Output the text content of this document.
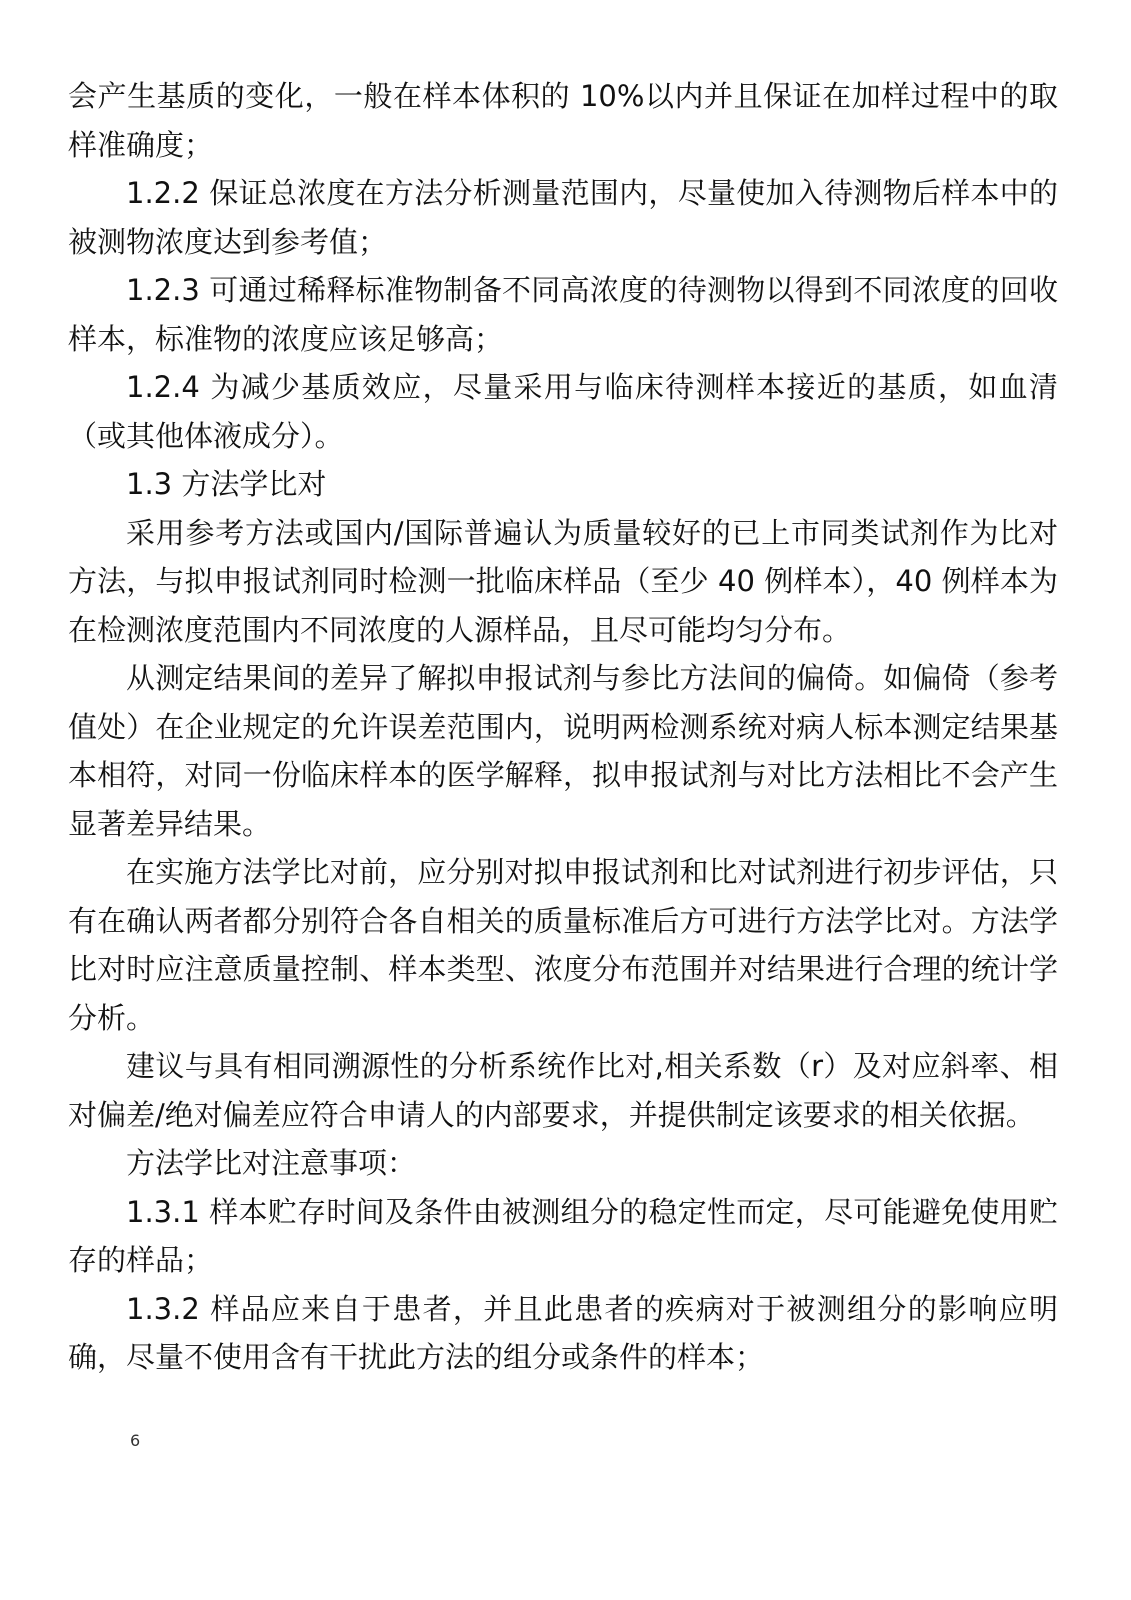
会产生基质的变化，一般在样本体积的 10%以内并且保证在加样过程中的取样准确度；

1.2.2 保证总浓度在方法分析测量范围内，尽量使加入待测物后样本中的被测物浓度达到参考值；

1.2.3 可通过稀释标准物制备不同高浓度的待测物以得到不同浓度的回收样本，标准物的浓度应该足够高；

1.2.4 为减少基质效应，尽量采用与临床待测样本接近的基质，如血清（或其他体液成分）。

1.3 方法学比对

采用参考方法或国内/国际普遍认为质量较好的已上市同类试剂作为比对方法，与拟申报试剂同时检测一批临床样品（至少 40 例样本），40 例样本为在检测浓度范围内不同浓度的人源样品，且尽可能均匀分布。

从测定结果间的差异了解拟申报试剂与参比方法间的偏倚。如偏倚（参考值处）在企业规定的允许误差范围内，说明两检测系统对病人标本测定结果基本相符，对同一份临床样本的医学解释，拟申报试剂与对比方法相比不会产生显著差异结果。

在实施方法学比对前，应分别对拟申报试剂和比对试剂进行初步评估，只有在确认两者都分别符合各自相关的质量标准后方可进行方法学比对。方法学比对时应注意质量控制、样本类型、浓度分布范围并对结果进行合理的统计学分析。

建议与具有相同溯源性的分析系统作比对,相关系数（r）及对应斜率、相对偏差/绝对偏差应符合申请人的内部要求，并提供制定该要求的相关依据。

方法学比对注意事项：

1.3.1 样本贮存时间及条件由被测组分的稳定性而定，尽可能避免使用贮存的样品；

1.3.2 样品应来自于患者，并且此患者的疾病对于被测组分的影响应明确，尽量不使用含有干扰此方法的组分或条件的样本；

6
